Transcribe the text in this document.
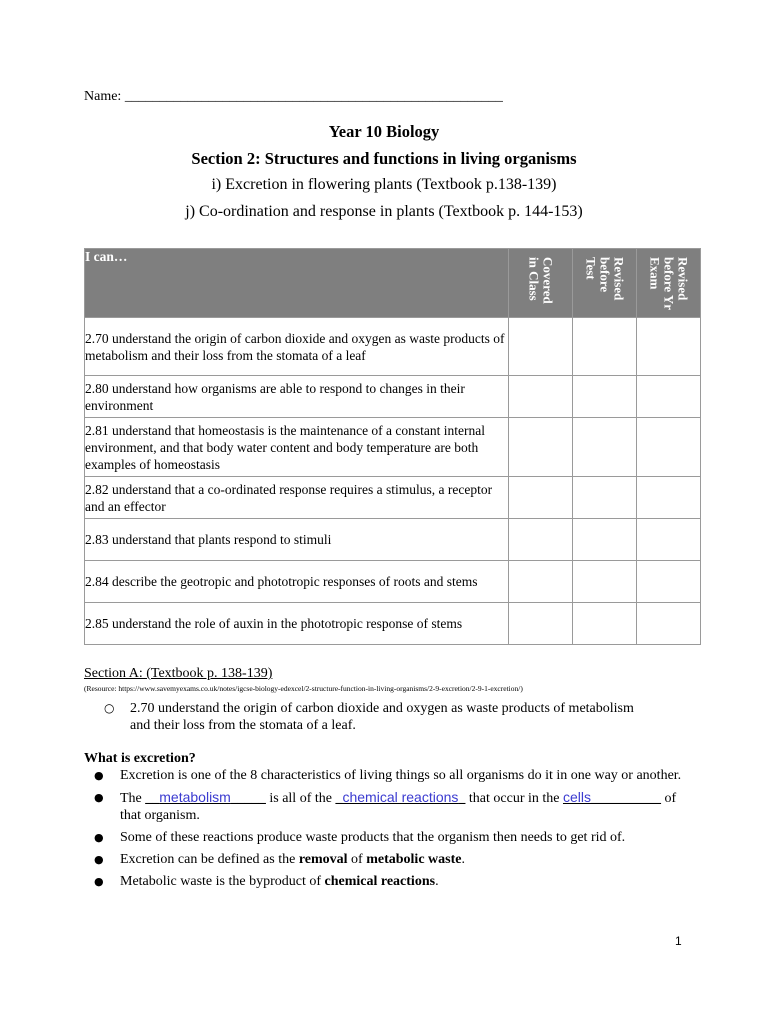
Name: ______________________________________________________
Year 10 Biology
Section 2: Structures and functions in living organisms
i) Excretion in flowering plants (Textbook p.138-139)
j) Co-ordination and response in plants (Textbook p. 144-153)
I can…	Covered in Class	Revised before Test	Revised before Yr Exam

2.70 understand the origin of carbon dioxide and oxygen as waste products of metabolism and their loss from the stomata of a leaf			
2.80 understand how organisms are able to respond to changes in their environment			
2.81 understand that homeostasis is the maintenance of a constant internal environment, and that body water content and body temperature are both examples of homeostasis			
2.82 understand that a co-ordinated response requires a stimulus, a receptor and an effector			
2.83 understand that plants respond to stimuli			
2.84 describe the geotropic and phototropic responses of roots and stems			
2.85 understand the role of auxin in the phototropic response of stems			
Section A: (Textbook p. 138-139)
(Resource: https://www.savemyexams.co.uk/notes/igcse-biology-edexcel/2-structure-function-in-living-organisms/2-9-excretion/2-9-1-excretion/)
○ 2.70 understand the origin of carbon dioxide and oxygen as waste products of metabolism and their loss from the stomata of a leaf.
What is excretion?
● Excretion is one of the 8 characteristics of living things so all organisms do it in one way or another.
● The __metabolism_____ is all of the _chemical reactions_ that occur in the cells__________ of that organism.
● Some of these reactions produce waste products that the organism then needs to get rid of.
● Excretion can be defined as the removal of metabolic waste.
● Metabolic waste is the byproduct of chemical reactions.
1
